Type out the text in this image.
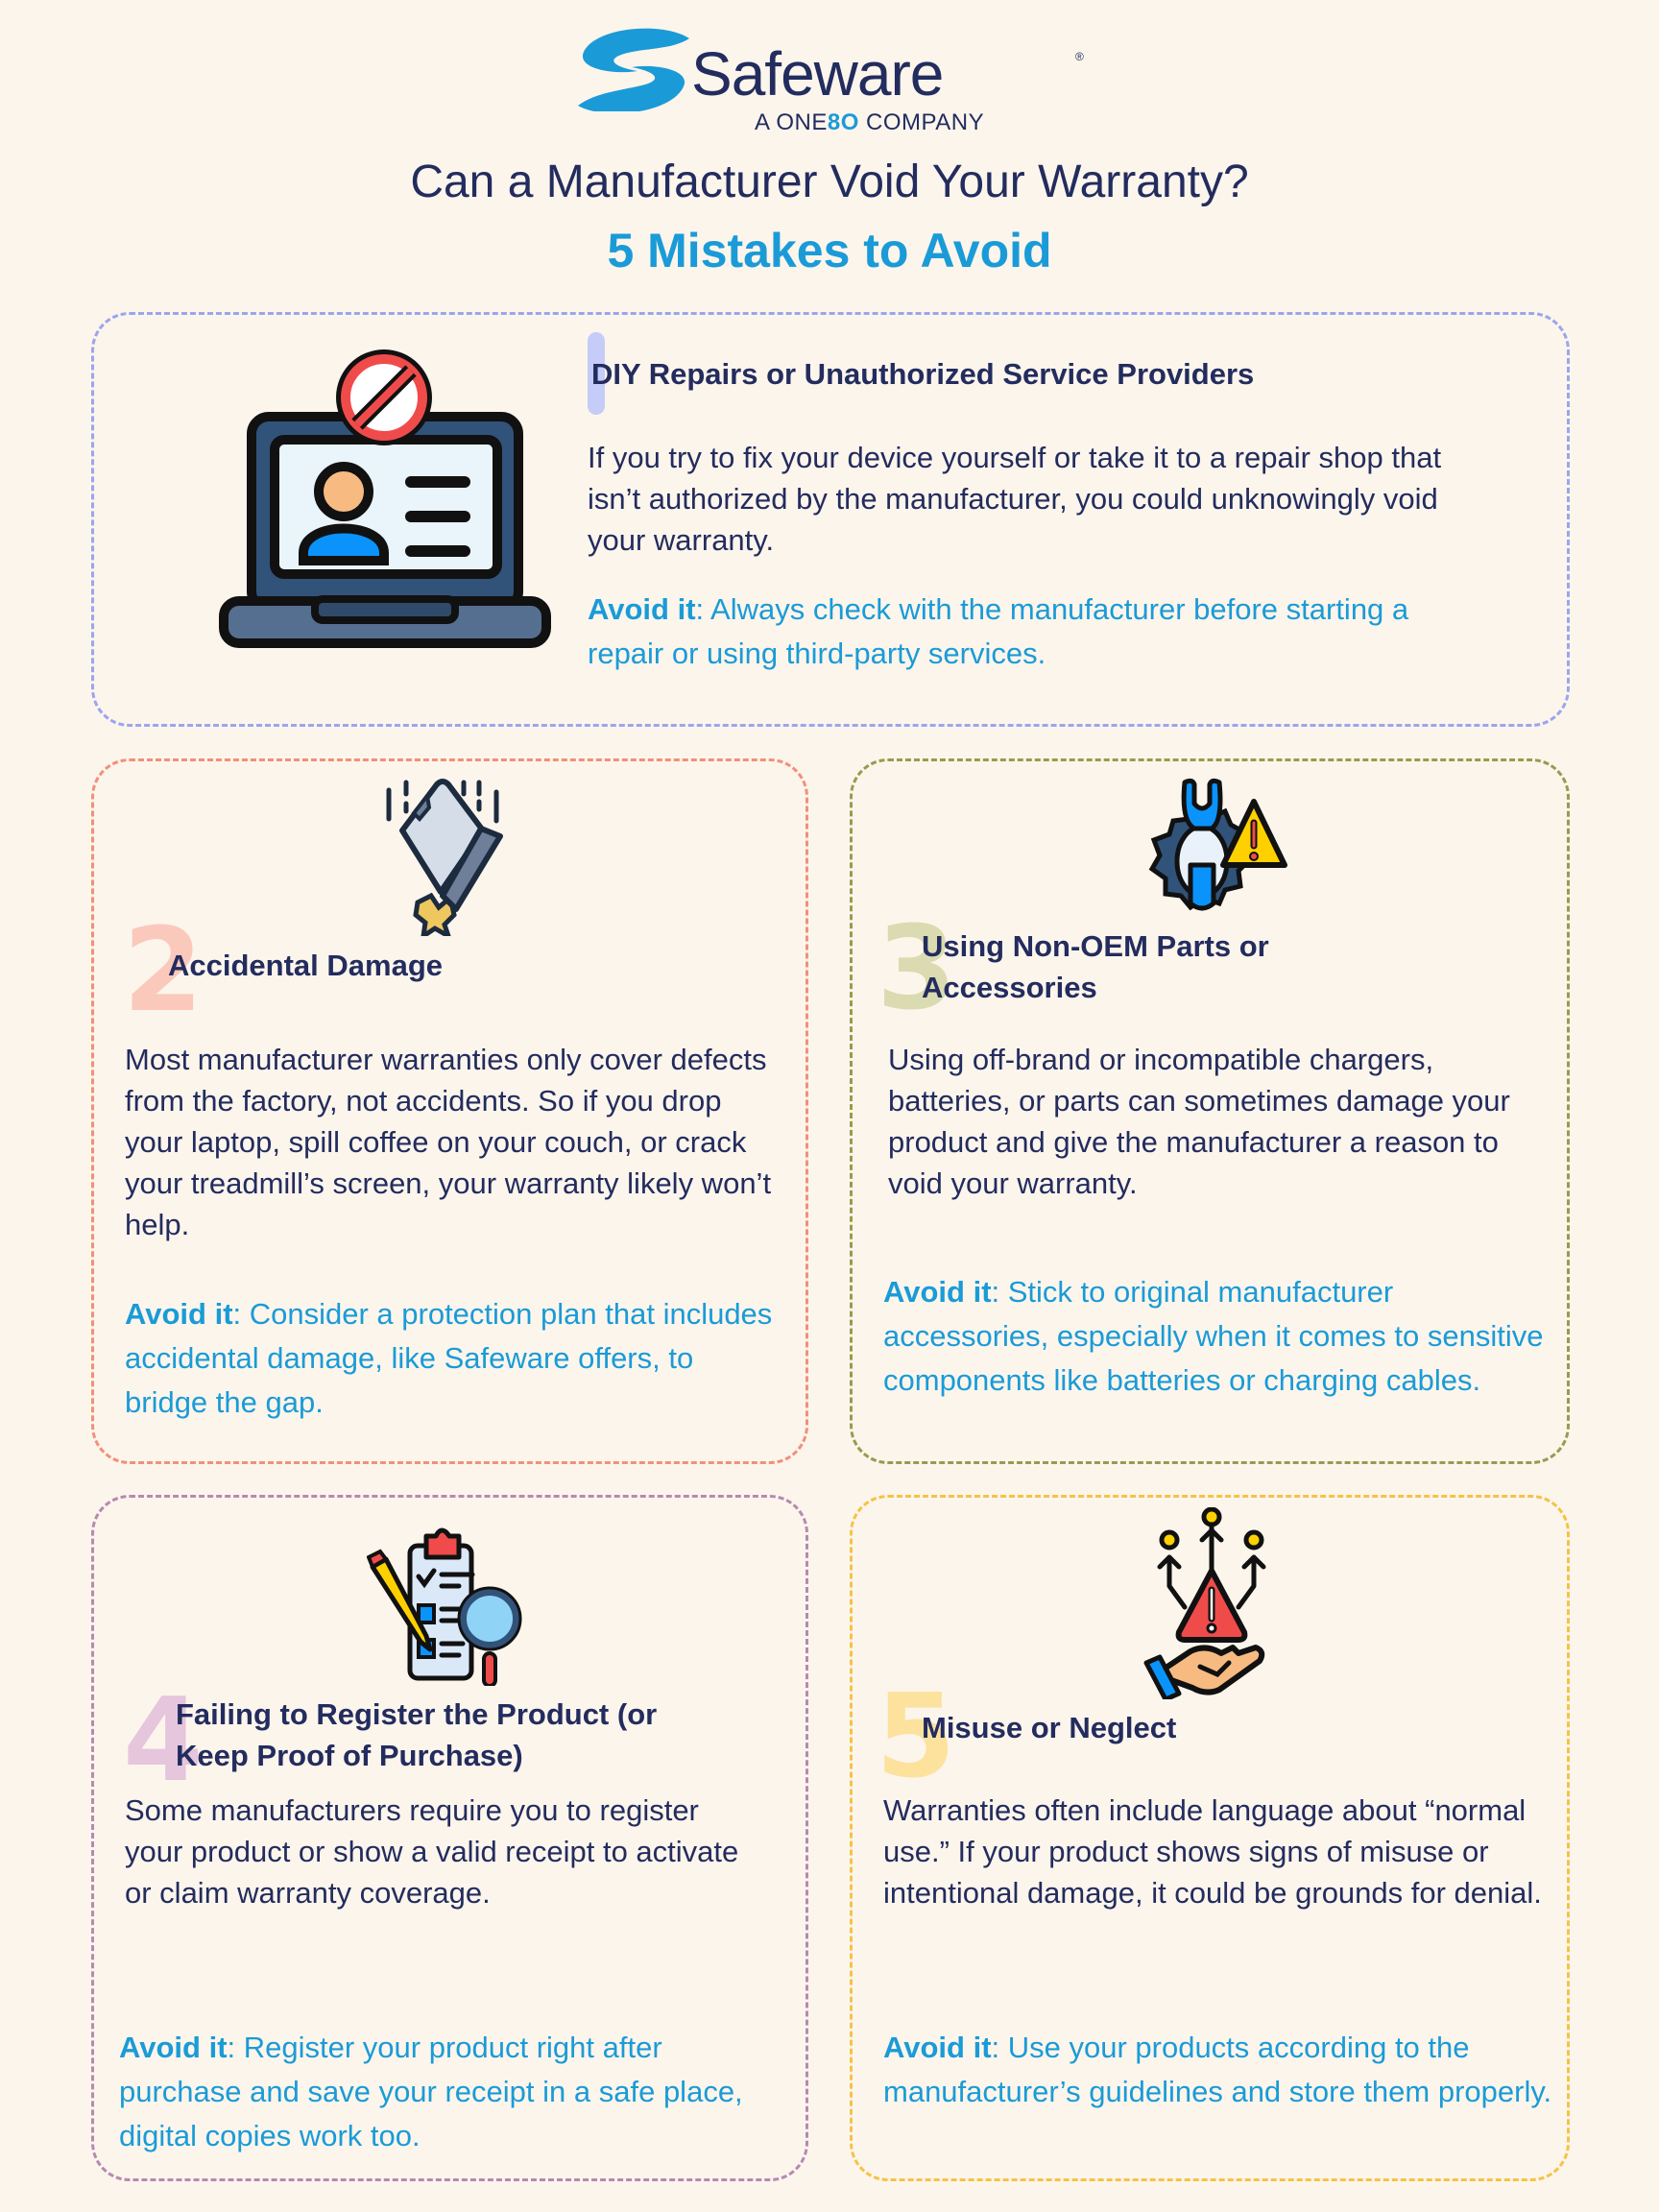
Safeware	®
A ONE8O COMPANY
Can a Manufacturer Void Your Warranty?
5 Mistakes to Avoid
DIY Repairs or Unauthorized Service Providers
If you try to fix your device yourself or take it to a repair shop that isn’t authorized by the manufacturer, you could unknowingly void your warranty.
Avoid it: Always check with the manufacturer before starting a repair or using third-party services.
2
Accidental Damage
Most manufacturer warranties only cover defects from the factory, not accidents. So if you drop your laptop, spill coffee on your couch, or crack your treadmill’s screen, your warranty likely won’t help.
Avoid it: Consider a protection plan that includes accidental damage, like Safeware offers, to bridge the gap.
3
Using Non-OEM Parts or Accessories
Using off-brand or incompatible chargers, batteries, or parts can sometimes damage your product and give the manufacturer a reason to void your warranty.
Avoid it: Stick to original manufacturer accessories, especially when it comes to sensitive components like batteries or charging cables.
4
Failing to Register the Product (or Keep Proof of Purchase)
Some manufacturers require you to register your product or show a valid receipt to activate or claim warranty coverage.
Avoid it: Register your product right after purchase and save your receipt in a safe place, digital copies work too.
5
Misuse or Neglect
Warranties often include language about “normal use.” If your product shows signs of misuse or intentional damage, it could be grounds for denial.
Avoid it: Use your products according to the manufacturer’s guidelines and store them properly.
